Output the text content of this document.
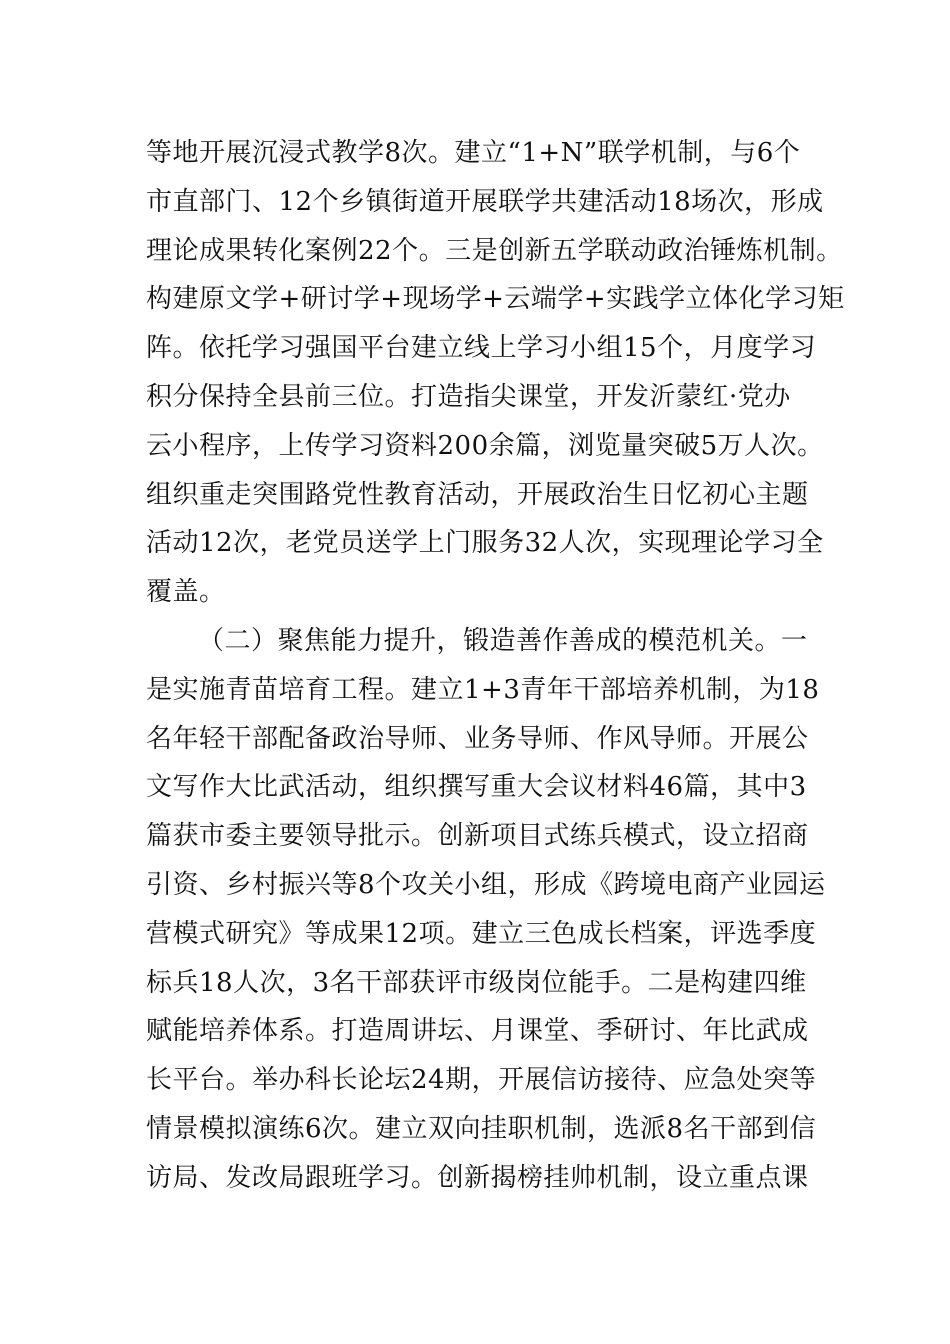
等地开展沉浸式教学8次。建立“1+N”联学机制，与6个
市直部门、12个乡镇街道开展联学共建活动18场次，形成
理论成果转化案例22个。三是创新五学联动政治锤炼机制。
构建原文学+研讨学+现场学+云端学+实践学立体化学习矩
阵。依托学习强国平台建立线上学习小组15个，月度学习
积分保持全县前三位。打造指尖课堂，开发沂蒙红·党办
云小程序，上传学习资料200余篇，浏览量突破5万人次。
组织重走突围路党性教育活动，开展政治生日忆初心主题
活动12次，老党员送学上门服务32人次，实现理论学习全
覆盖。
（二）聚焦能力提升，锻造善作善成的模范机关。一
是实施青苗培育工程。建立1+3青年干部培养机制，为18
名年轻干部配备政治导师、业务导师、作风导师。开展公
文写作大比武活动，组织撰写重大会议材料46篇，其中3
篇获市委主要领导批示。创新项目式练兵模式，设立招商
引资、乡村振兴等8个攻关小组，形成《跨境电商产业园运
营模式研究》等成果12项。建立三色成长档案，评选季度
标兵18人次，3名干部获评市级岗位能手。二是构建四维
赋能培养体系。打造周讲坛、月课堂、季研讨、年比武成
长平台。举办科长论坛24期，开展信访接待、应急处突等
情景模拟演练6次。建立双向挂职机制，选派8名干部到信
访局、发改局跟班学习。创新揭榜挂帅机制，设立重点课
